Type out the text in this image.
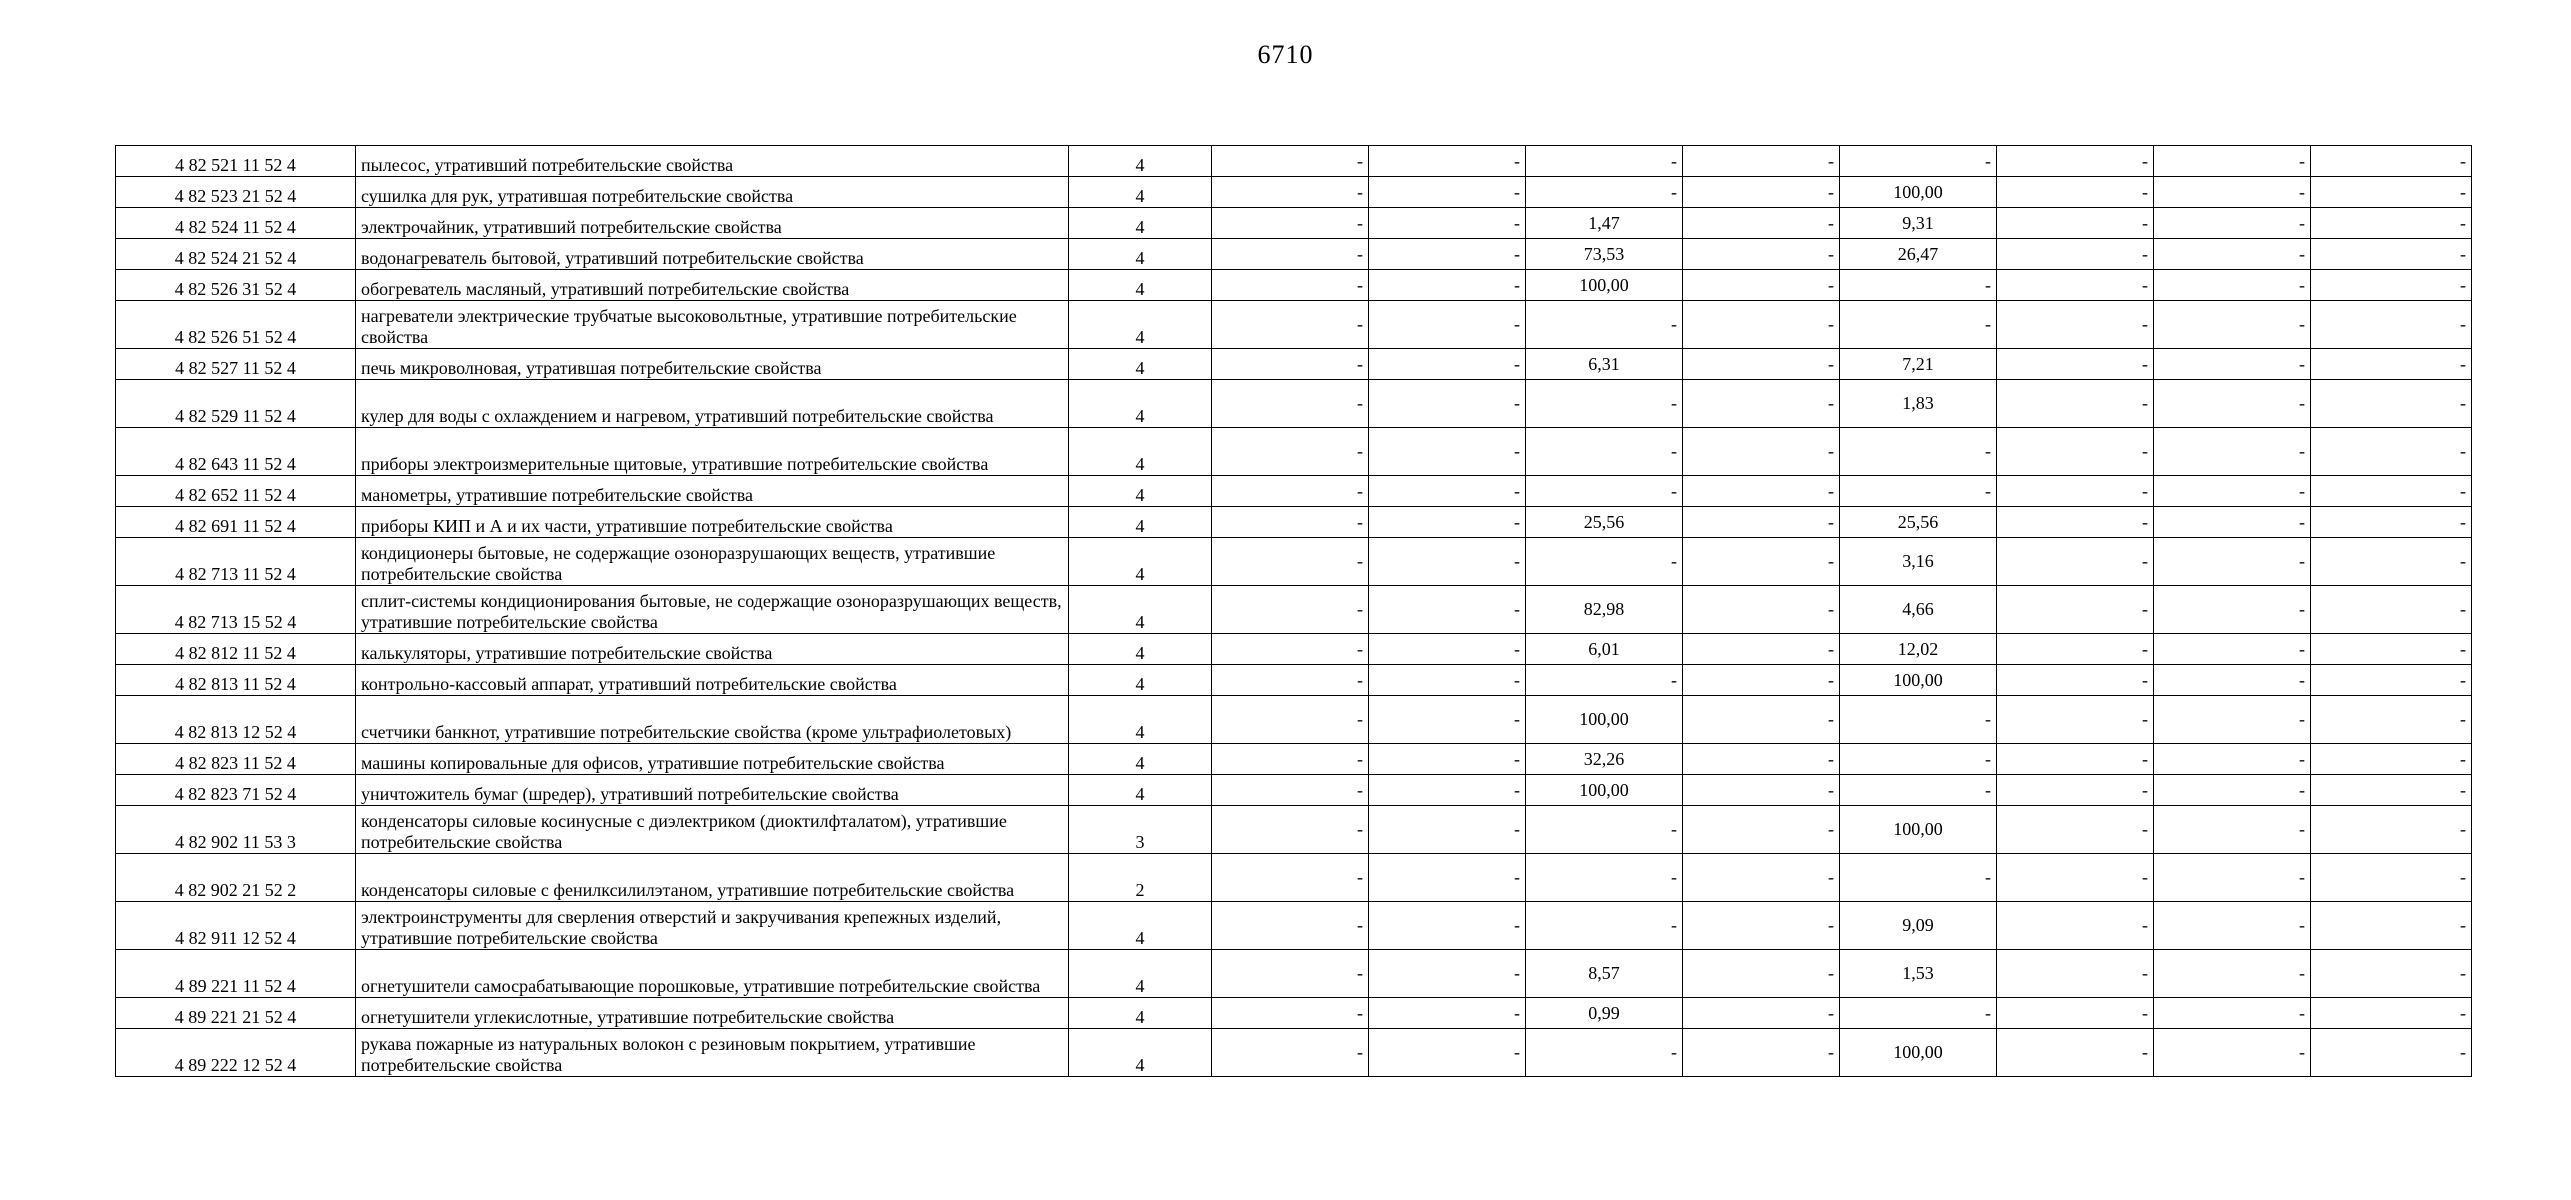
6710
4 82 521 11 52 4	пылесос, утративший потребительские свойства	4	-	-	-	-	-	-	-	-
4 82 523 21 52 4	сушилка для рук, утратившая потребительские свойства	4	-	-	-	-	100,00	-	-	-
4 82 524 11 52 4	электрочайник, утративший потребительские свойства	4	-	-	1,47	-	9,31	-	-	-
4 82 524 21 52 4	водонагреватель бытовой, утративший потребительские свойства	4	-	-	73,53	-	26,47	-	-	-
4 82 526 31 52 4	обогреватель масляный, утративший потребительские свойства	4	-	-	100,00	-	-	-	-	-
4 82 526 51 52 4	нагреватели электрические трубчатые высоковольтные, утратившие потребительские свойства	4	-	-	-	-	-	-	-	-
4 82 527 11 52 4	печь микроволновая, утратившая потребительские свойства	4	-	-	6,31	-	7,21	-	-	-
4 82 529 11 52 4	кулер для воды с охлаждением и нагревом, утративший потребительские свойства	4	-	-	-	-	1,83	-	-	-
4 82 643 11 52 4	приборы электроизмерительные щитовые, утратившие потребительские свойства	4	-	-	-	-	-	-	-	-
4 82 652 11 52 4	манометры, утратившие потребительские свойства	4	-	-	-	-	-	-	-	-
4 82 691 11 52 4	приборы КИП и А и их части, утратившие потребительские свойства	4	-	-	25,56	-	25,56	-	-	-
4 82 713 11 52 4	кондиционеры бытовые, не содержащие озоноразрушающих веществ, утратившие потребительские свойства	4	-	-	-	-	3,16	-	-	-
4 82 713 15 52 4	сплит-системы кондиционирования бытовые, не содержащие озоноразрушающих веществ, утратившие потребительские свойства	4	-	-	82,98	-	4,66	-	-	-
4 82 812 11 52 4	калькуляторы, утратившие потребительские свойства	4	-	-	6,01	-	12,02	-	-	-
4 82 813 11 52 4	контрольно-кассовый аппарат, утративший потребительские свойства	4	-	-	-	-	100,00	-	-	-
4 82 813 12 52 4	счетчики банкнот, утратившие потребительские свойства (кроме ультрафиолетовых)	4	-	-	100,00	-	-	-	-	-
4 82 823 11 52 4	машины копировальные для офисов, утратившие потребительские свойства	4	-	-	32,26	-	-	-	-	-
4 82 823 71 52 4	уничтожитель бумаг (шредер), утративший потребительские свойства	4	-	-	100,00	-	-	-	-	-
4 82 902 11 53 3	конденсаторы силовые косинусные с диэлектриком (диоктилфталатом), утратившие потребительские свойства	3	-	-	-	-	100,00	-	-	-
4 82 902 21 52 2	конденсаторы силовые с фенилксилилэтаном, утратившие потребительские свойства	2	-	-	-	-	-	-	-	-
4 82 911 12 52 4	электроинструменты для сверления отверстий и закручивания крепежных изделий, утратившие потребительские свойства	4	-	-	-	-	9,09	-	-	-
4 89 221 11 52 4	огнетушители самосрабатывающие порошковые, утратившие потребительские свойства	4	-	-	8,57	-	1,53	-	-	-
4 89 221 21 52 4	огнетушители углекислотные, утратившие потребительские свойства	4	-	-	0,99	-	-	-	-	-
4 89 222 12 52 4	рукава пожарные из натуральных волокон с резиновым покрытием, утратившие потребительские свойства	4	-	-	-	-	100,00	-	-	-
